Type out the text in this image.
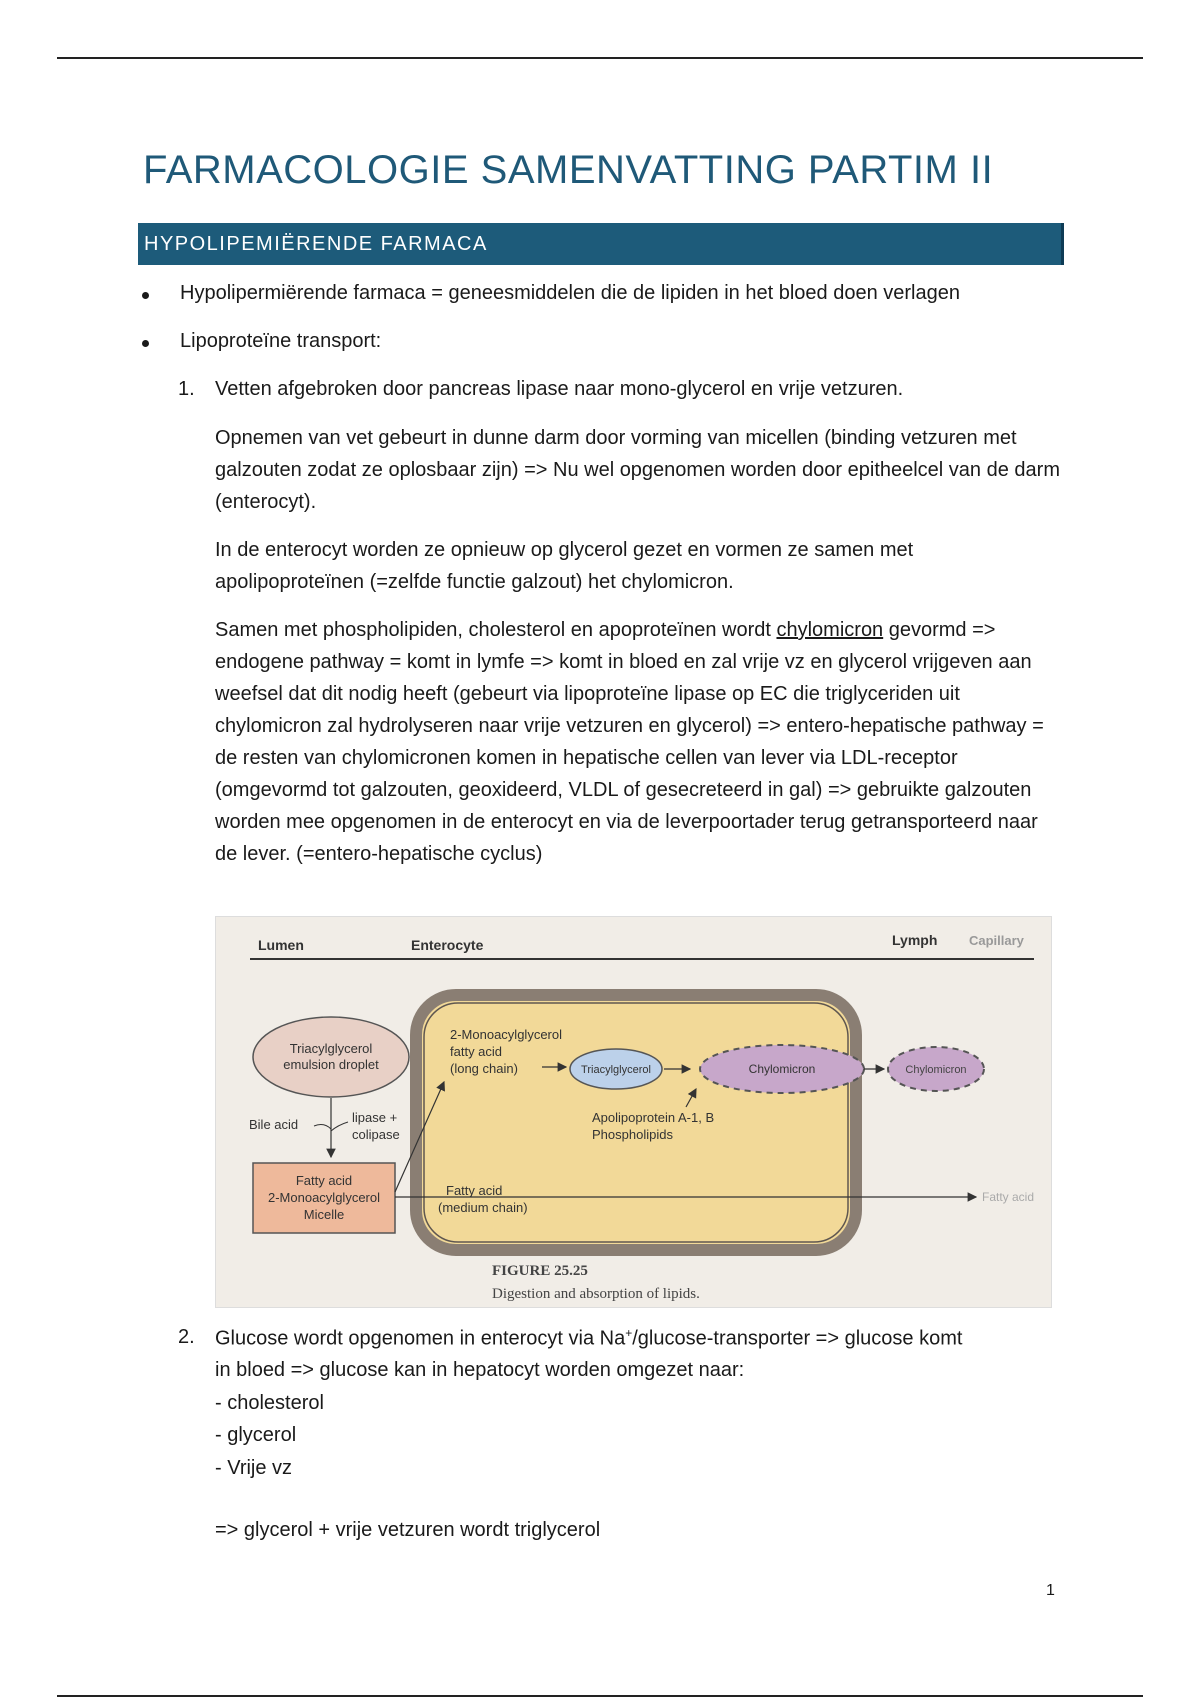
FARMACOLOGIE SAMENVATTING PARTIM II
HYPOLIPEMIËRENDE FARMACA
Hypolipermiërende farmaca = geneesmiddelen die de lipiden in het bloed doen verlagen
Lipoproteïne transport:
1. Vetten afgebroken door pancreas lipase naar mono-glycerol en vrije vetzuren.
Opnemen van vet gebeurt in dunne darm door vorming van micellen (binding vetzuren met galzouten zodat ze oplosbaar zijn) => Nu wel opgenomen worden door epitheelcel van de darm (enterocyt).
In de enterocyt worden ze opnieuw op glycerol gezet en vormen ze samen met apolipoproteïnen (=zelfde functie galzout) het chylomicron.
Samen met phospholipiden, cholesterol en apoproteïnen wordt chylomicron gevormd => endogene pathway = komt in lymfe => komt in bloed en zal vrije vz en glycerol vrijgeven aan weefsel dat dit nodig heeft (gebeurt via lipoproteïne lipase op EC die triglyceriden uit chylomicron zal hydrolyseren naar vrije vetzuren en glycerol) => entero-hepatische pathway = de resten van chylomicronen komen in hepatische cellen van lever via LDL-receptor (omgevormd tot galzouten, geoxideerd, VLDL of gesecreteerd in gal) => gebruikte galzouten worden mee opgenomen in de enterocyt en via de leverpoortader terug getransporteerd naar de lever. (=entero-hepatische cyclus)
Lumen	Enterocyte	Lymph Capillary
Triacylglycerol
emulsion droplet
Bile acid	lipase +
colipase
Fatty acid
2-Monoacylglycerol
Micelle
2-Monoacylglycerol
fatty acid
(long chain)	Triacylglycerol	Chylomicron	Chylomicron
Apolipoprotein A-1, B
Phospholipids
Fatty acid
(medium chain)
Fatty acid
FIGURE 25.25
Digestion and absorption of lipids.
2. Glucose wordt opgenomen in enterocyt via Na+/glucose-transporter => glucose komt
in bloed => glucose kan in hepatocyt worden omgezet naar:
- cholesterol
- glycerol
- Vrije vz
=> glycerol + vrije vetzuren wordt triglycerol
1
